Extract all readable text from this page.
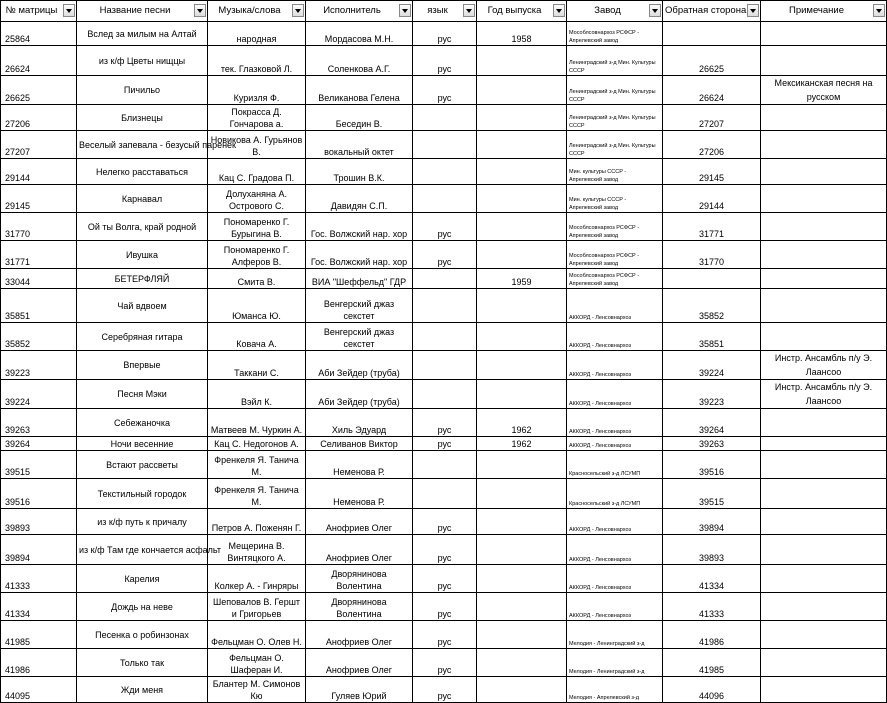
№ матрицы	Название песни	Музыка/слова	Исполнитель	язык	Год выпуска	Завод	Обратная сторона	Примечание

25864	Вслед за милым на Алтай	народная	Мордасова М.Н.	рус	1958	Мособлсовнархоз РСФСР - Апрелевский завод		
26624	из к/ф Цветы нищцы	тек. Глазковой Л.	Соленкова А.Г.	рус		Ленинградский з-д Мин. Культуры СССР	26625	
26625	Пичильо	Куризля Ф.	Великанова Гелена	рус		Ленинградский з-д Мин. Культуры СССР	26624	Мексиканская песня на русском
27206	Близнецы	Покрасса Д. Гончарова а.	Беседин В.			Ленинградский з-д Мин. Культуры СССР	27207	
27207	Веселый запевала - безусый паренек	Новикова А. Гурьянов В.	вокальный октет			Ленинградский з-д Мин. Культуры СССР	27206	
29144	Нелегко расставаться	Кац С. Градова П.	Трошин В.К.			Мин. культуры СССР - Апрелевский завод	29145	
29145	Карнавал	Долуханяна А. Острового С.	Давидян С.П.			Мин. культуры СССР - Апрелевский завод	29144	
31770	Ой ты Волга, край родной	Пономаренко Г. Бурыгина В.	Гос. Волжский нар. хор	рус		Мособлсовнархоз РСФСР - Апрелевский завод	31771	
31771	Ивушка	Пономаренко Г. Алферов В.	Гос. Волжский нар. хор	рус		Мособлсовнархоз РСФСР - Апрелевский завод	31770	
33044	БЕТЕРФЛЯЙ	Смита В.	ВИА "Шеффельд" ГДР		1959	Мособлсовнархоз РСФСР - Апрелевский завод		
35851	Чай вдвоем	Юманса Ю.	Венгерский джаз секстет			АККОРД - Ленсовнархоз	35852	
35852	Серебряная гитара	Ковача А.	Венгерский джаз секстет			АККОРД - Ленсовнархоз	35851	
39223	Впервые	Таккани С.	Аби Зейдер (труба)			АККОРД - Ленсовнархоз	39224	Инстр. Ансамбль п/у Э. Лаансоо
39224	Песня Мэки	Вэйл К.	Аби Зейдер (труба)			АККОРД - Ленсовнархоз	39223	Инстр. Ансамбль п/у Э. Лаансоо
39263	Себежаночка	Матвеев М. Чуркин А.	Хиль Эдуард	рус	1962	АККОРД - Ленсовнархоз	39264	
39264	Ночи весенние	Кац С. Недогонов А.	Селиванов Виктор	рус	1962	АККОРД - Ленсовнархоз	39263	
39515	Встают рассветы	Френкеля Я. Танича М.	Неменова Р.			Красносельский з-д ЛСУМП	39516	
39516	Текстильный городок	Френкеля Я. Танича М.	Неменова Р.			Красносельский з-д ЛСУМП	39515	
39893	из к/ф путь к причалу	Петров А. Поженян Г.	Анофриев Олег	рус		АККОРД - Ленсовнархоз	39894	
39894	из к/ф Там где кончается асфальт	Мещерина В. Винтяцкого А.	Анофриев Олег	рус		АККОРД - Ленсовнархоз	39893	
41333	Карелия	Колкер А. - Гинряры	Дворянинова Волентина	рус		АККОРД - Ленсовнархоз	41334	
41334	Дождь на неве	Шеповалов В. Гершт и Григорьев	Дворянинова Волентина	рус		АККОРД - Ленсовнархоз	41333	
41985	Песенка о робинзонах	Фельцман О. Олев Н.	Анофриев Олег	рус		Мелодия - Ленинградский з-д	41986	
41986	Только так	Фельцман О. Шаферан И.	Анофриев Олег	рус		Мелодия - Ленинградский з-д	41985	
44095	Жди меня	Блантер М. Симонов Кю	Гуляев Юрий	рус		Мелодия - Апрелевский з-д	44096	
